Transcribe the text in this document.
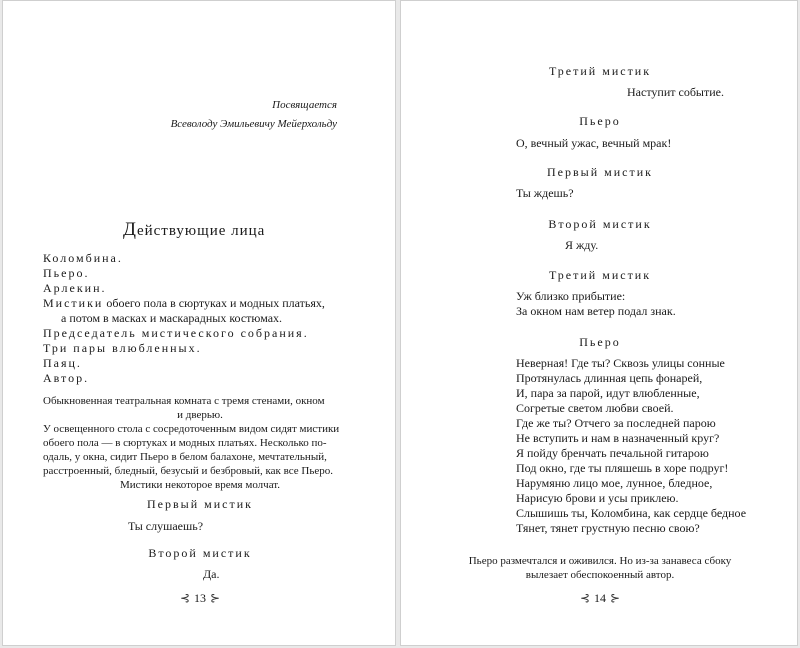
Посвящается
Всеволоду Эмильевичу Мейерхольду
Действующие лица
Коломбина.
Пьеро.
Арлекин.
Мистики обоего пола в сюртуках и модных платьях,
а потом в масках и маскарадных костюмах.
Председатель мистического собрания.
Три пары влюбленных.
Паяц.
Автор.
Обыкновенная театральная комната с тремя стенами, окном
и дверью.
У освещенного стола с сосредоточенным видом сидят мистики
обоего пола — в сюртуках и модных платьях. Несколько по-
одаль, у окна, сидит Пьеро в белом балахоне, мечтательный,
расстроенный, бледный, безусый и безбровый, как все Пьеро.
Мистики некоторое время молчат.
Первый мистик
Ты слушаешь?
Второй мистик
Да.
⊰ 13 ⊱
Третий мистик
Наступит событие.
Пьеро
О, вечный ужас, вечный мрак!
Первый мистик
Ты ждешь?
Второй мистик
Я жду.
Третий мистик
Уж близко прибытие:
За окном нам ветер подал знак.
Пьеро
Неверная! Где ты? Сквозь улицы сонные
Протянулась длинная цепь фонарей,
И, пара за парой, идут влюбленные,
Согретые светом любви своей.
Где же ты? Отчего за последней парою
Не вступить и нам в назначенный круг?
Я пойду бренчать печальной гитарою
Под окно, где ты пляшешь в хоре подруг!
Нарумяню лицо мое, лунное, бледное,
Нарисую брови и усы приклею.
Слышишь ты, Коломбина, как сердце бедное
Тянет, тянет грустную песню свою?
Пьеро размечтался и оживился. Но из-за занавеса сбоку
вылезает обеспокоенный автор.
⊰ 14 ⊱
